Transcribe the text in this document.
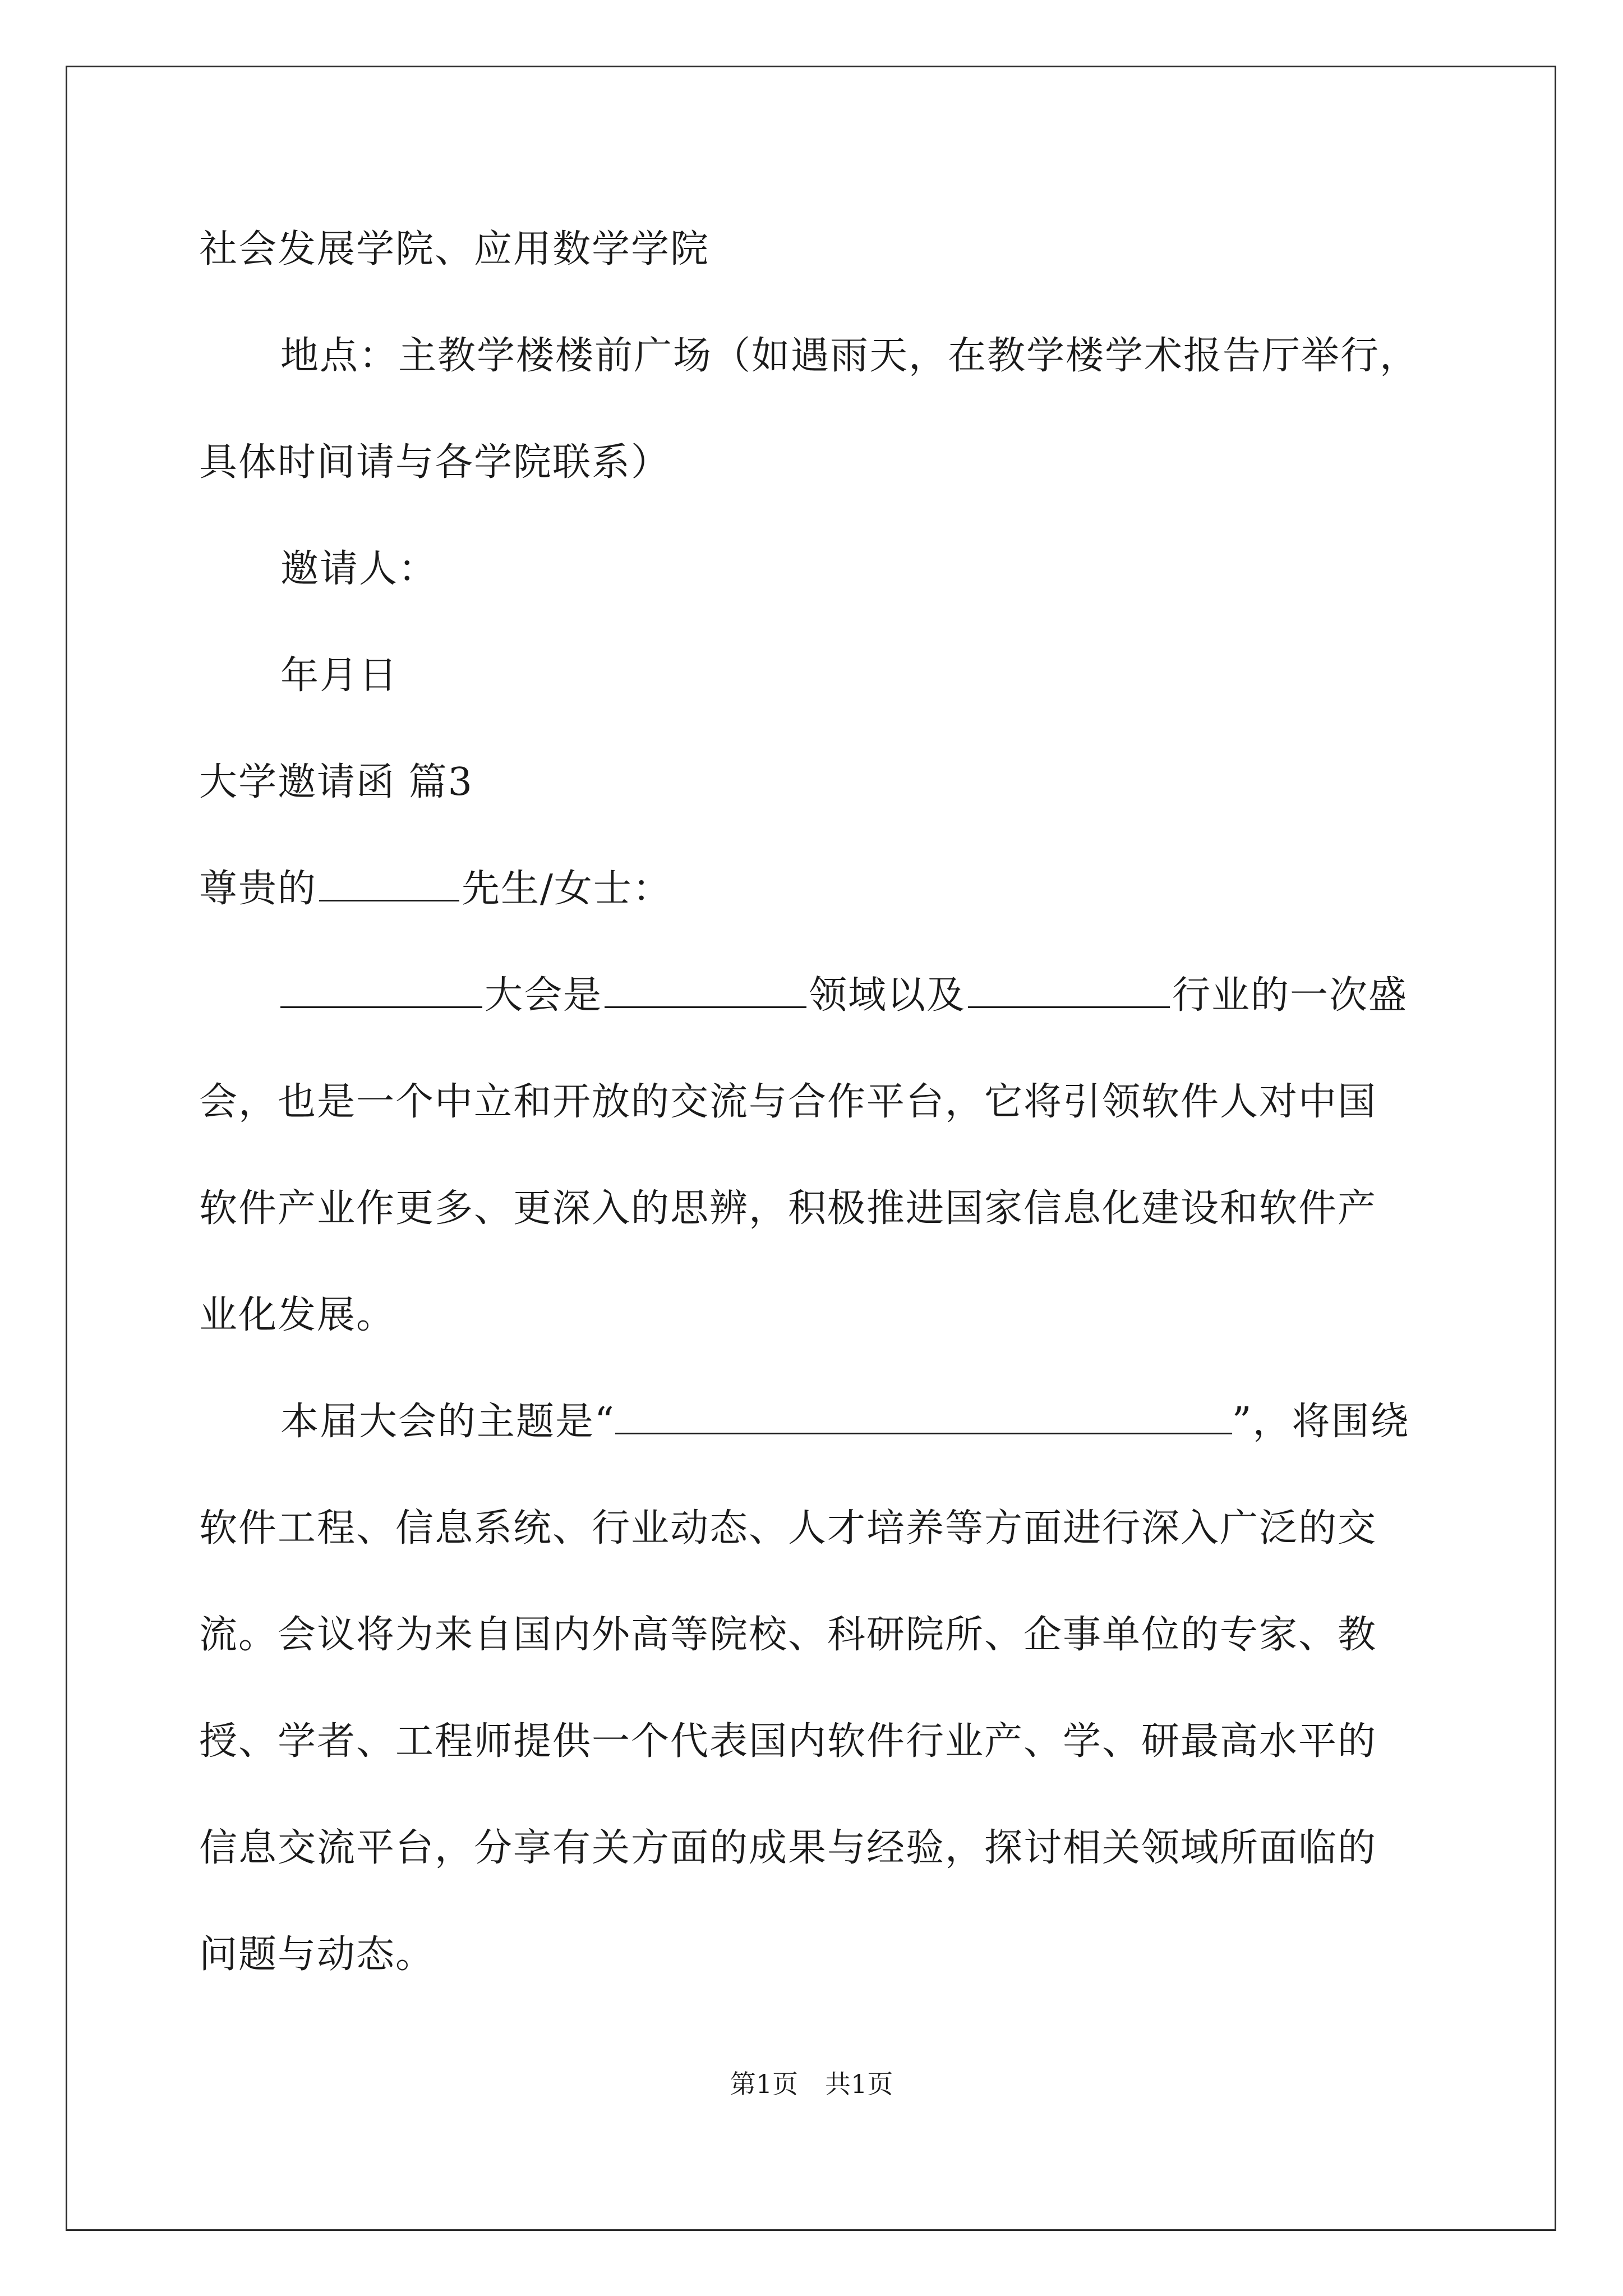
社会发展学院、应用数学学院

地点：主教学楼楼前广场（如遇雨天，在教学楼学术报告厅举行，

具体时间请与各学院联系）

邀请人：

年月日

大学邀请函 篇3

尊贵的	先生/女士：

大会是	领域以及	行业的一次盛

会，也是一个中立和开放的交流与合作平台，它将引领软件人对中国

软件产业作更多、更深入的思辨，积极推进国家信息化建设和软件产

业化发展。

本届大会的主题是“	”，将围绕

软件工程、信息系统、行业动态、人才培养等方面进行深入广泛的交

流。会议将为来自国内外高等院校、科研院所、企事单位的专家、教

授、学者、工程师提供一个代表国内软件行业产、学、研最高水平的

信息交流平台，分享有关方面的成果与经验，探讨相关领域所面临的

问题与动态。

第1页 共1页
